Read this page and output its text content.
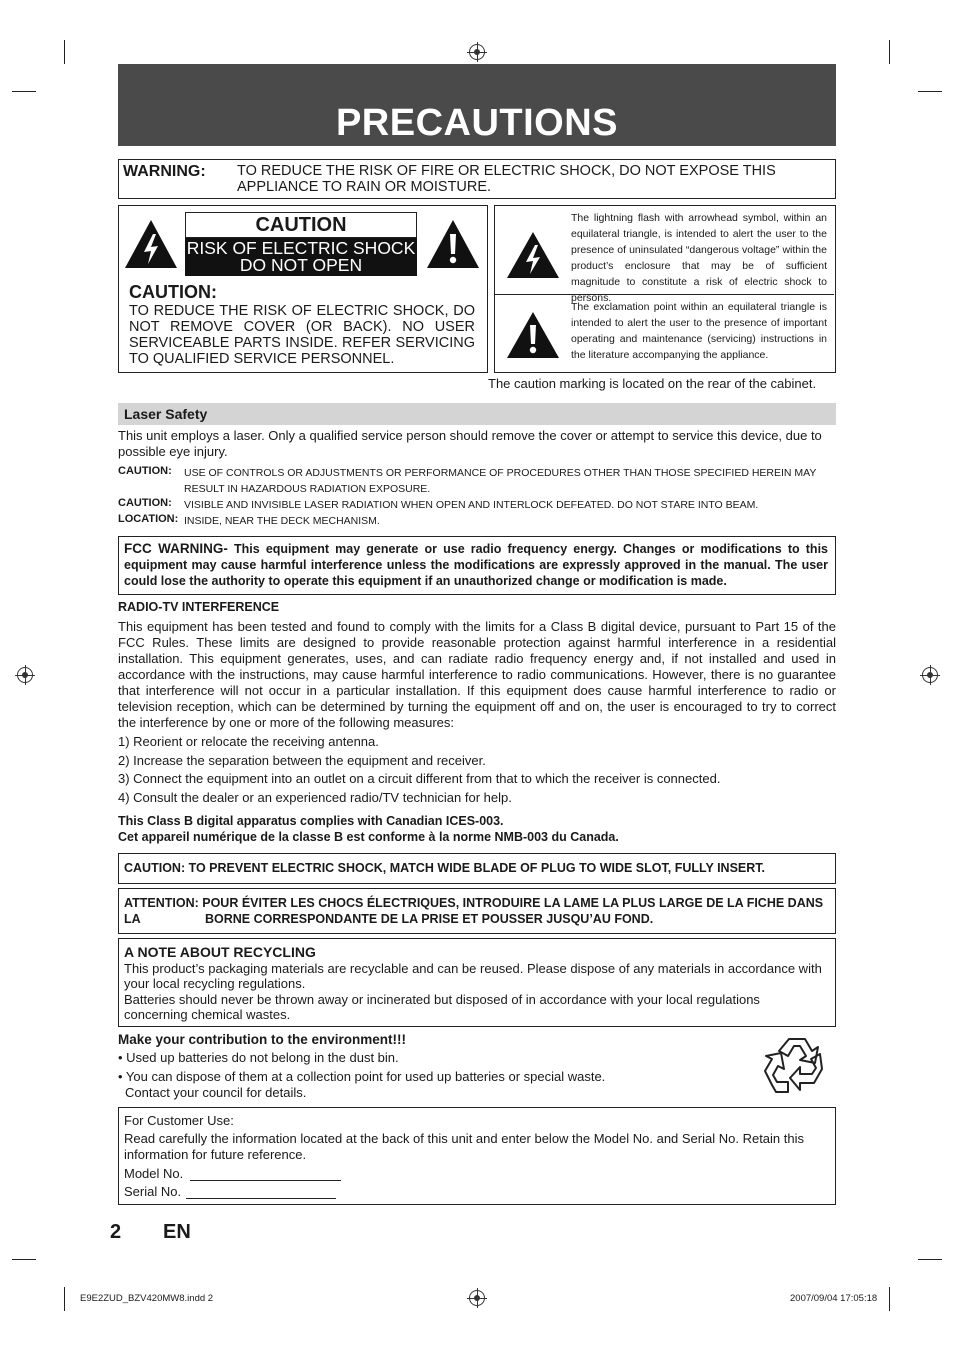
PRECAUTIONS
WARNING: TO REDUCE THE RISK OF FIRE OR ELECTRIC SHOCK, DO NOT EXPOSE THIS APPLIANCE TO RAIN OR MOISTURE.
CAUTION
RISK OF ELECTRIC SHOCK
DO NOT OPEN
CAUTION:
TO REDUCE THE RISK OF ELECTRIC SHOCK, DO NOT REMOVE COVER (OR BACK). NO USER SERVICEABLE PARTS INSIDE. REFER SERVICING TO QUALIFIED SERVICE PERSONNEL.
The lightning flash with arrowhead symbol, within an equilateral triangle, is intended to alert the user to the presence of uninsulated “dangerous voltage” within the product’s enclosure that may be of sufficient magnitude to constitute a risk of electric shock to persons.
The exclamation point within an equilateral triangle is intended to alert the user to the presence of important operating and maintenance (servicing) instructions in the literature accompanying the appliance.
The caution marking is located on the rear of the cabinet.
Laser Safety
This unit employs a laser. Only a qualified service person should remove the cover or attempt to service this device, due to possible eye injury.
CAUTION:	USE OF CONTROLS OR ADJUSTMENTS OR PERFORMANCE OF PROCEDURES OTHER THAN THOSE SPECIFIED HEREIN MAY RESULT IN HAZARDOUS RADIATION EXPOSURE.
CAUTION:	VISIBLE AND INVISIBLE LASER RADIATION WHEN OPEN AND INTERLOCK DEFEATED. DO NOT STARE INTO BEAM.
LOCATION: INSIDE, NEAR THE DECK MECHANISM.
FCC WARNING- This equipment may generate or use radio frequency energy. Changes or modifications to this equipment may cause harmful interference unless the modifications are expressly approved in the manual. The user could lose the authority to operate this equipment if an unauthorized change or modification is made.
RADIO-TV INTERFERENCE
This equipment has been tested and found to comply with the limits for a Class B digital device, pursuant to Part 15 of the FCC Rules. These limits are designed to provide reasonable protection against harmful interference in a residential installation. This equipment generates, uses, and can radiate radio frequency energy and, if not installed and used in accordance with the instructions, may cause harmful interference to radio communications. However, there is no guarantee that interference will not occur in a particular installation. If this equipment does cause harmful interference to radio or television reception, which can be determined by turning the equipment off and on, the user is encouraged to try to correct the interference by one or more of the following measures:
1) Reorient or relocate the receiving antenna.
2) Increase the separation between the equipment and receiver.
3) Connect the equipment into an outlet on a circuit different from that to which the receiver is connected.
4) Consult the dealer or an experienced radio/TV technician for help.
This Class B digital apparatus complies with Canadian ICES-003.
Cet appareil numérique de la classe B est conforme à la norme NMB-003 du Canada.
CAUTION: TO PREVENT ELECTRIC SHOCK, MATCH WIDE BLADE OF PLUG TO WIDE SLOT, FULLY INSERT.
ATTENTION: POUR ÉVITER LES CHOCS ÉLECTRIQUES, INTRODUIRE LA LAME LA PLUS LARGE DE LA FICHE DANS LA	BORNE CORRESPONDANTE DE LA PRISE ET POUSSER JUSQU’AU FOND.
A NOTE ABOUT RECYCLING
This product’s packaging materials are recyclable and can be reused. Please dispose of any materials in accordance with your local recycling regulations.
Batteries should never be thrown away or incinerated but disposed of in accordance with your local regulations concerning chemical wastes.
Make your contribution to the environment!!!
• Used up batteries do not belong in the dust bin.
• You can dispose of them at a collection point for used up batteries or special waste.
Contact your council for details.
For Customer Use:
Read carefully the information located at the back of this unit and enter below the Model No. and Serial No. Retain this information for future reference.
Model No.
Serial No.
2 EN
E9E2ZUD_BZV420MW8.indd 2	2007/09/04 17:05:18
